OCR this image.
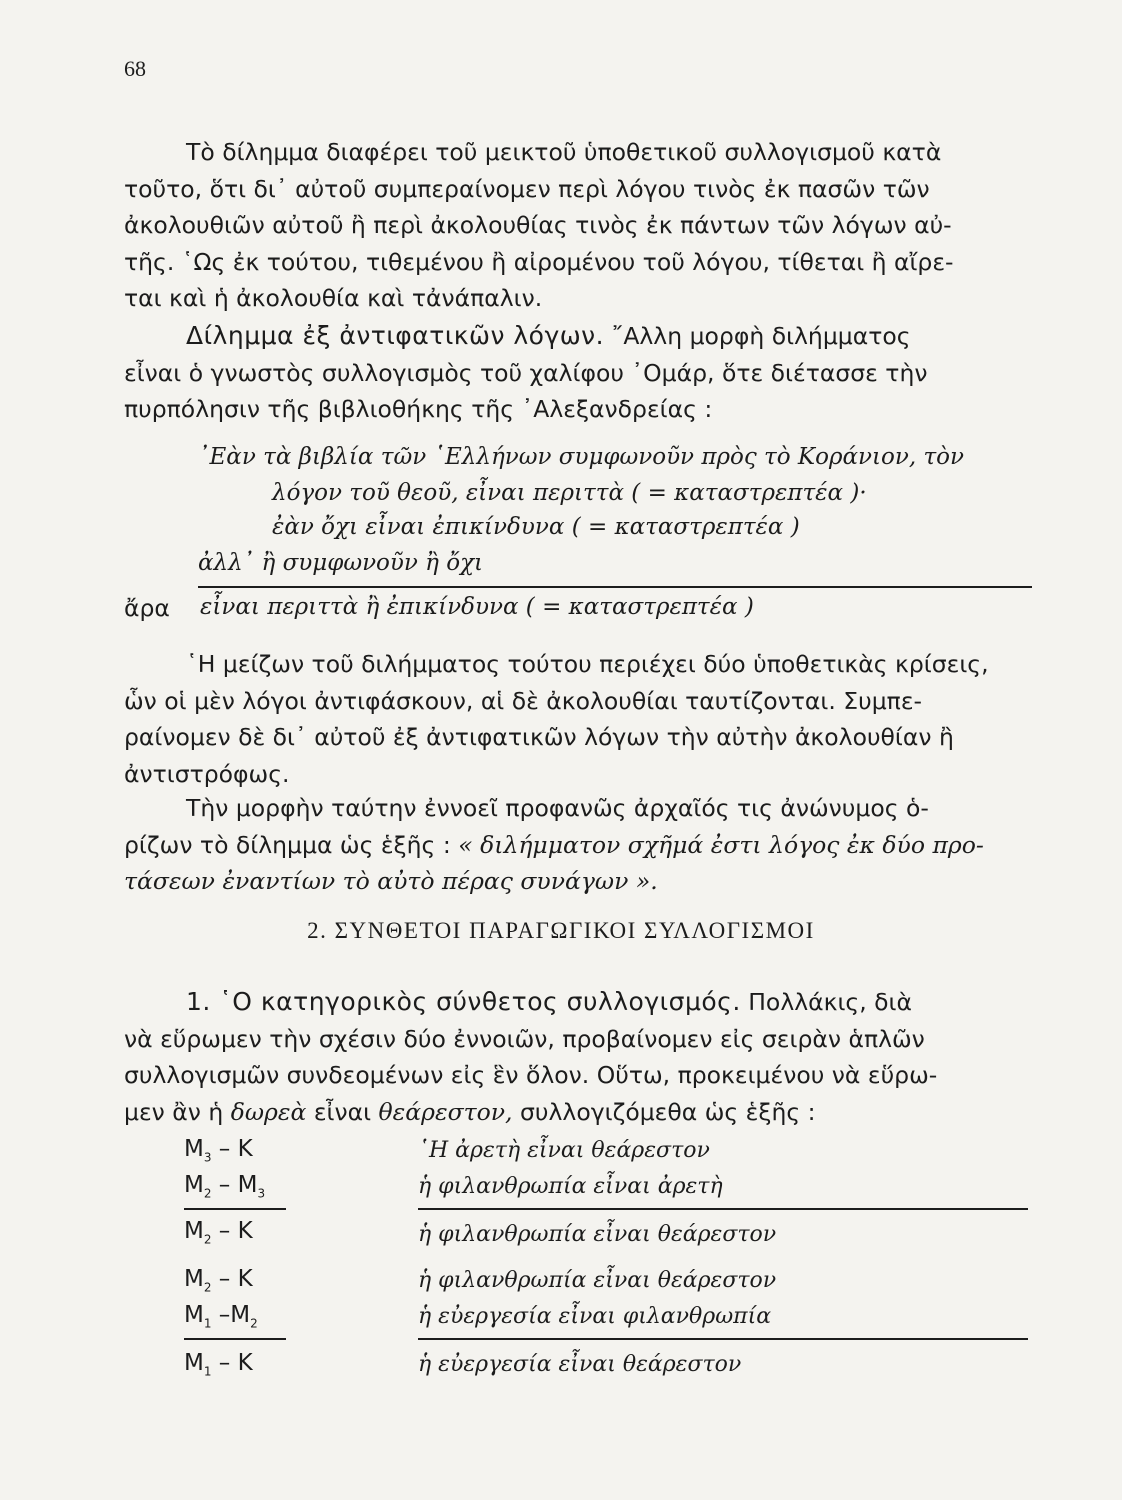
68
Τὸ δίλημμα διαφέρει τοῦ μεικτοῦ ὑποθετικοῦ συλλογισμοῦ κατὰ
τοῦτο, ὅτι δι᾽ αὐτοῦ συμπεραίνομεν περὶ λόγου τινὸς ἐκ πασῶν τῶν
ἀκολουθιῶν αὐτοῦ ἢ περὶ ἀκολουθίας τινὸς ἐκ πάντων τῶν λόγων αὐ-
τῆς. ῾Ως ἐκ τούτου, τιθεμένου ἢ αἰρομένου τοῦ λόγου, τίθεται ἢ αἴρε-
ται καὶ ἡ ἀκολουθία καὶ τἀνάπαλιν.
Δίλημμα ἐξ ἀντιφατικῶν λόγων. ῎Αλλη μορφὴ διλήμματος
εἶναι ὁ γνωστὸς συλλογισμὸς τοῦ χαλίφου ᾿Ομάρ, ὅτε διέτασσε τὴν
πυρπόλησιν τῆς βιβλιοθήκης τῆς ᾿Αλεξανδρείας :
᾿Εὰν τὰ βιβλία τῶν ῾Ελλήνων συμφωνοῦν πρὸς τὸ Κοράνιον, τὸν
λόγον τοῦ θεοῦ, εἶναι περιττὰ ( = καταστρεπτέα )·
ἐὰν ὄχι εἶναι ἐπικίνδυνα ( = καταστρεπτέα )
ἀλλ᾽ ἢ συμφωνοῦν ἢ ὄχι
ἄρα εἶναι περιττὰ ἢ ἐπικίνδυνα ( = καταστρεπτέα )
῾Η μείζων τοῦ διλήμματος τούτου περιέχει δύο ὑποθετικὰς κρίσεις,
ὧν οἱ μὲν λόγοι ἀντιφάσκουν, αἱ δὲ ἀκολουθίαι ταυτίζονται. Συμπε-
ραίνομεν δὲ δι᾽ αὐτοῦ ἐξ ἀντιφατικῶν λόγων τὴν αὐτὴν ἀκολουθίαν ἢ
ἀντιστρόφως.
Τὴν μορφὴν ταύτην ἐννοεῖ προφανῶς ἀρχαῖός τις ἀνώνυμος ὁ-
ρίζων τὸ δίλημμα ὡς ἑξῆς : « διλήμματον σχῆμά ἐστι λόγος ἐκ δύο προ-
τάσεων ἐναντίων τὸ αὐτὸ πέρας συνάγων ».
2. ΣΥΝΘΕΤΟΙ ΠΑΡΑΓΩΓΙΚΟΙ ΣΥΛΛΟΓΙΣΜΟΙ
1. ῾Ο κατηγορικὸς σύνθετος συλλογισμός. Πολλάκις, διὰ
νὰ εὕρωμεν τὴν σχέσιν δύο ἐννοιῶν, προβαίνομεν εἰς σειρὰν ἁπλῶν
συλλογισμῶν συνδεομένων εἰς ἓν ὅλον. Οὕτω, προκειμένου νὰ εὕρω-
μεν ἂν ἡ δωρεὰ εἶναι θεάρεστον, συλλογιζόμεθα ὡς ἑξῆς :
$M_3$ – K	῾Η ἀρετὴ εἶναι θεάρεστον
$M_2 - M_3$	ἡ φιλανθρωπία εἶναι ἀρετὴ
$M_2$ – K	ἡ φιλανθρωπία εἶναι θεάρεστον
$M_2$ – K	ἡ φιλανθρωπία εἶναι θεάρεστον
$M_1$ $-M_2$	ἡ εὐεργεσία εἶναι φιλανθρωπία
$M_1$ – K	ἡ εὐεργεσία εἶναι θεάρεστον
